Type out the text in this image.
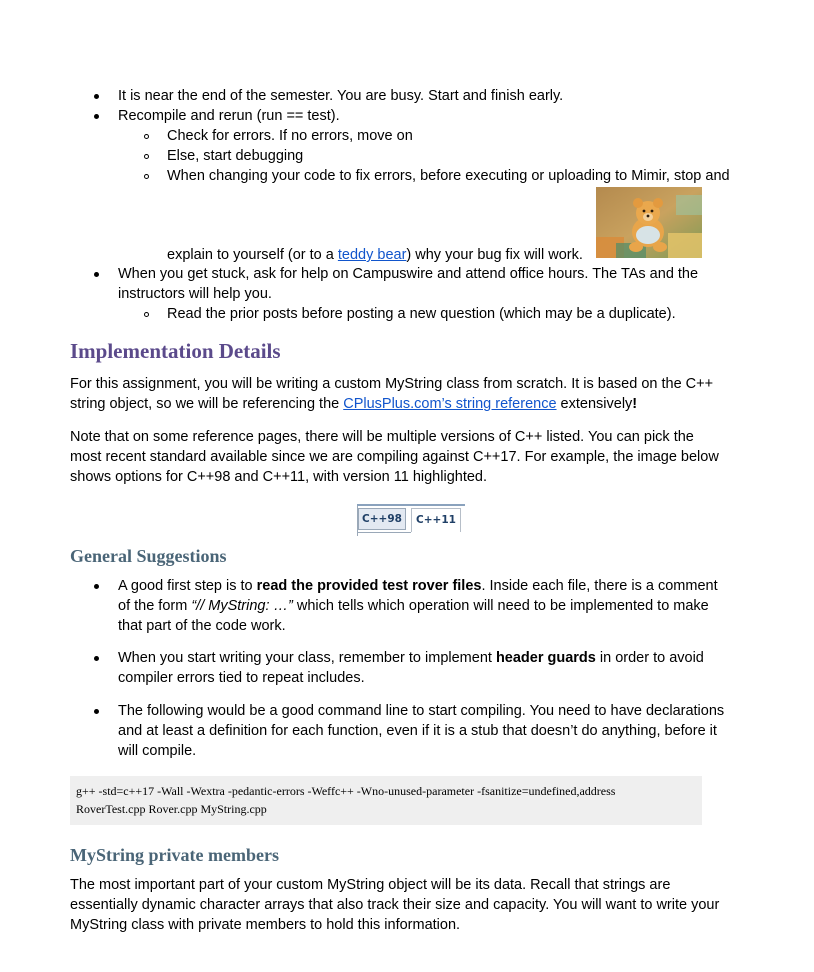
It is near the end of the semester. You are busy. Start and finish early.
Recompile and rerun (run == test).
Check for errors. If no errors, move on
Else, start debugging
When changing your code to fix errors, before executing or uploading to Mimir, stop and
explain to yourself (or to a teddy bear) why your bug fix will work.
When you get stuck, ask for help on Campuswire and attend office hours. The TAs and the
instructors will help you.
Read the prior posts before posting a new question (which may be a duplicate).
Implementation Details
For this assignment, you will be writing a custom MyString class from scratch. It is based on the C++
string object, so we will be referencing the CPlusPlus.com’s string reference extensively!
Note that on some reference pages, there will be multiple versions of C++ listed. You can pick the
most recent standard available since we are compiling against C++17. For example, the image below
shows options for C++98 and C++11, with version 11 highlighted.
C++98	C++11
General Suggestions
A good first step is to read the provided test rover files. Inside each file, there is a comment
of the form “// MyString: …” which tells which operation will need to be implemented to make
that part of the code work.
When you start writing your class, remember to implement header guards in order to avoid
compiler errors tied to repeat includes.
The following would be a good command line to start compiling. You need to have declarations
and at least a definition for each function, even if it is a stub that doesn’t do anything, before it
will compile.
g++ -std=c++17 -Wall -Wextra -pedantic-errors -Weffc++ -Wno-unused-parameter -fsanitize=undefined,address
RoverTest.cpp Rover.cpp MyString.cpp
MyString private members
The most important part of your custom MyString object will be its data. Recall that strings are
essentially dynamic character arrays that also track their size and capacity. You will want to write your
MyString class with private members to hold this information.
